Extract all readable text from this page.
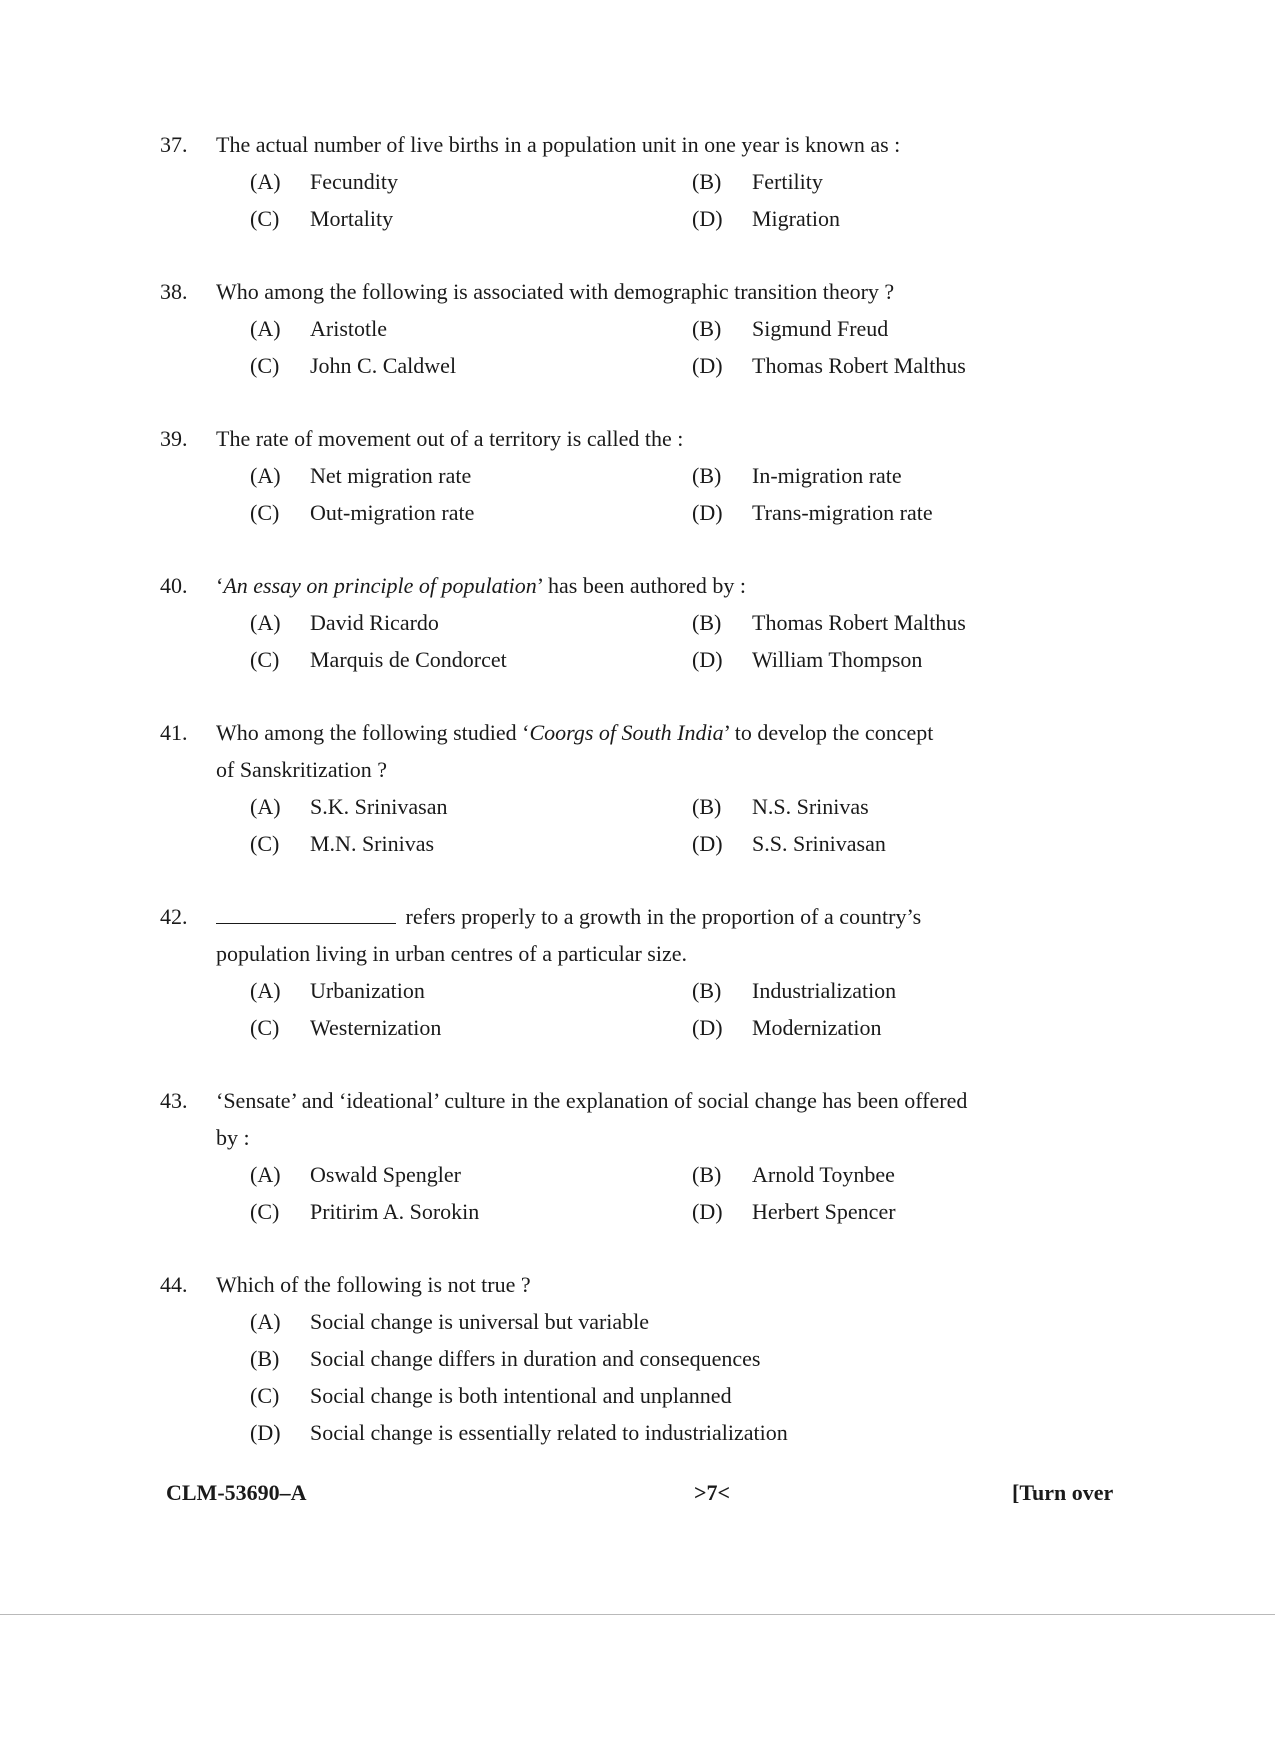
37. The actual number of live births in a population unit in one year is known as :
(A) Fecundity	(B) Fertility
(C) Mortality	(D) Migration
38. Who among the following is associated with demographic transition theory ?
(A) Aristotle	(B) Sigmund Freud
(C) John C. Caldwel	(D) Thomas Robert Malthus
39. The rate of movement out of a territory is called the :
(A) Net migration rate	(B) In-migration rate
(C) Out-migration rate	(D) Trans-migration rate
40. ‘An essay on principle of population’ has been authored by :
(A) David Ricardo	(B) Thomas Robert Malthus
(C) Marquis de Condorcet	(D) William Thompson
41. Who among the following studied ‘Coorgs of South India’ to develop the concept
of Sanskritization ?
(A) S.K. Srinivasan	(B) N.S. Srinivas
(C) M.N. Srinivas	(D) S.S. Srinivasan
42.	refers properly to a growth in the proportion of a country’s
population living in urban centres of a particular size.
(A) Urbanization	(B) Industrialization
(C) Westernization	(D) Modernization
43. ‘Sensate’ and ‘ideational’ culture in the explanation of social change has been offered
by :
(A) Oswald Spengler	(B) Arnold Toynbee
(C) Pritirim A. Sorokin	(D) Herbert Spencer
44. Which of the following is not true ?
(A) Social change is universal but variable
(B) Social change differs in duration and consequences
(C) Social change is both intentional and unplanned
(D) Social change is essentially related to industrialization
CLM-53690–A	>7<	[Turn over
